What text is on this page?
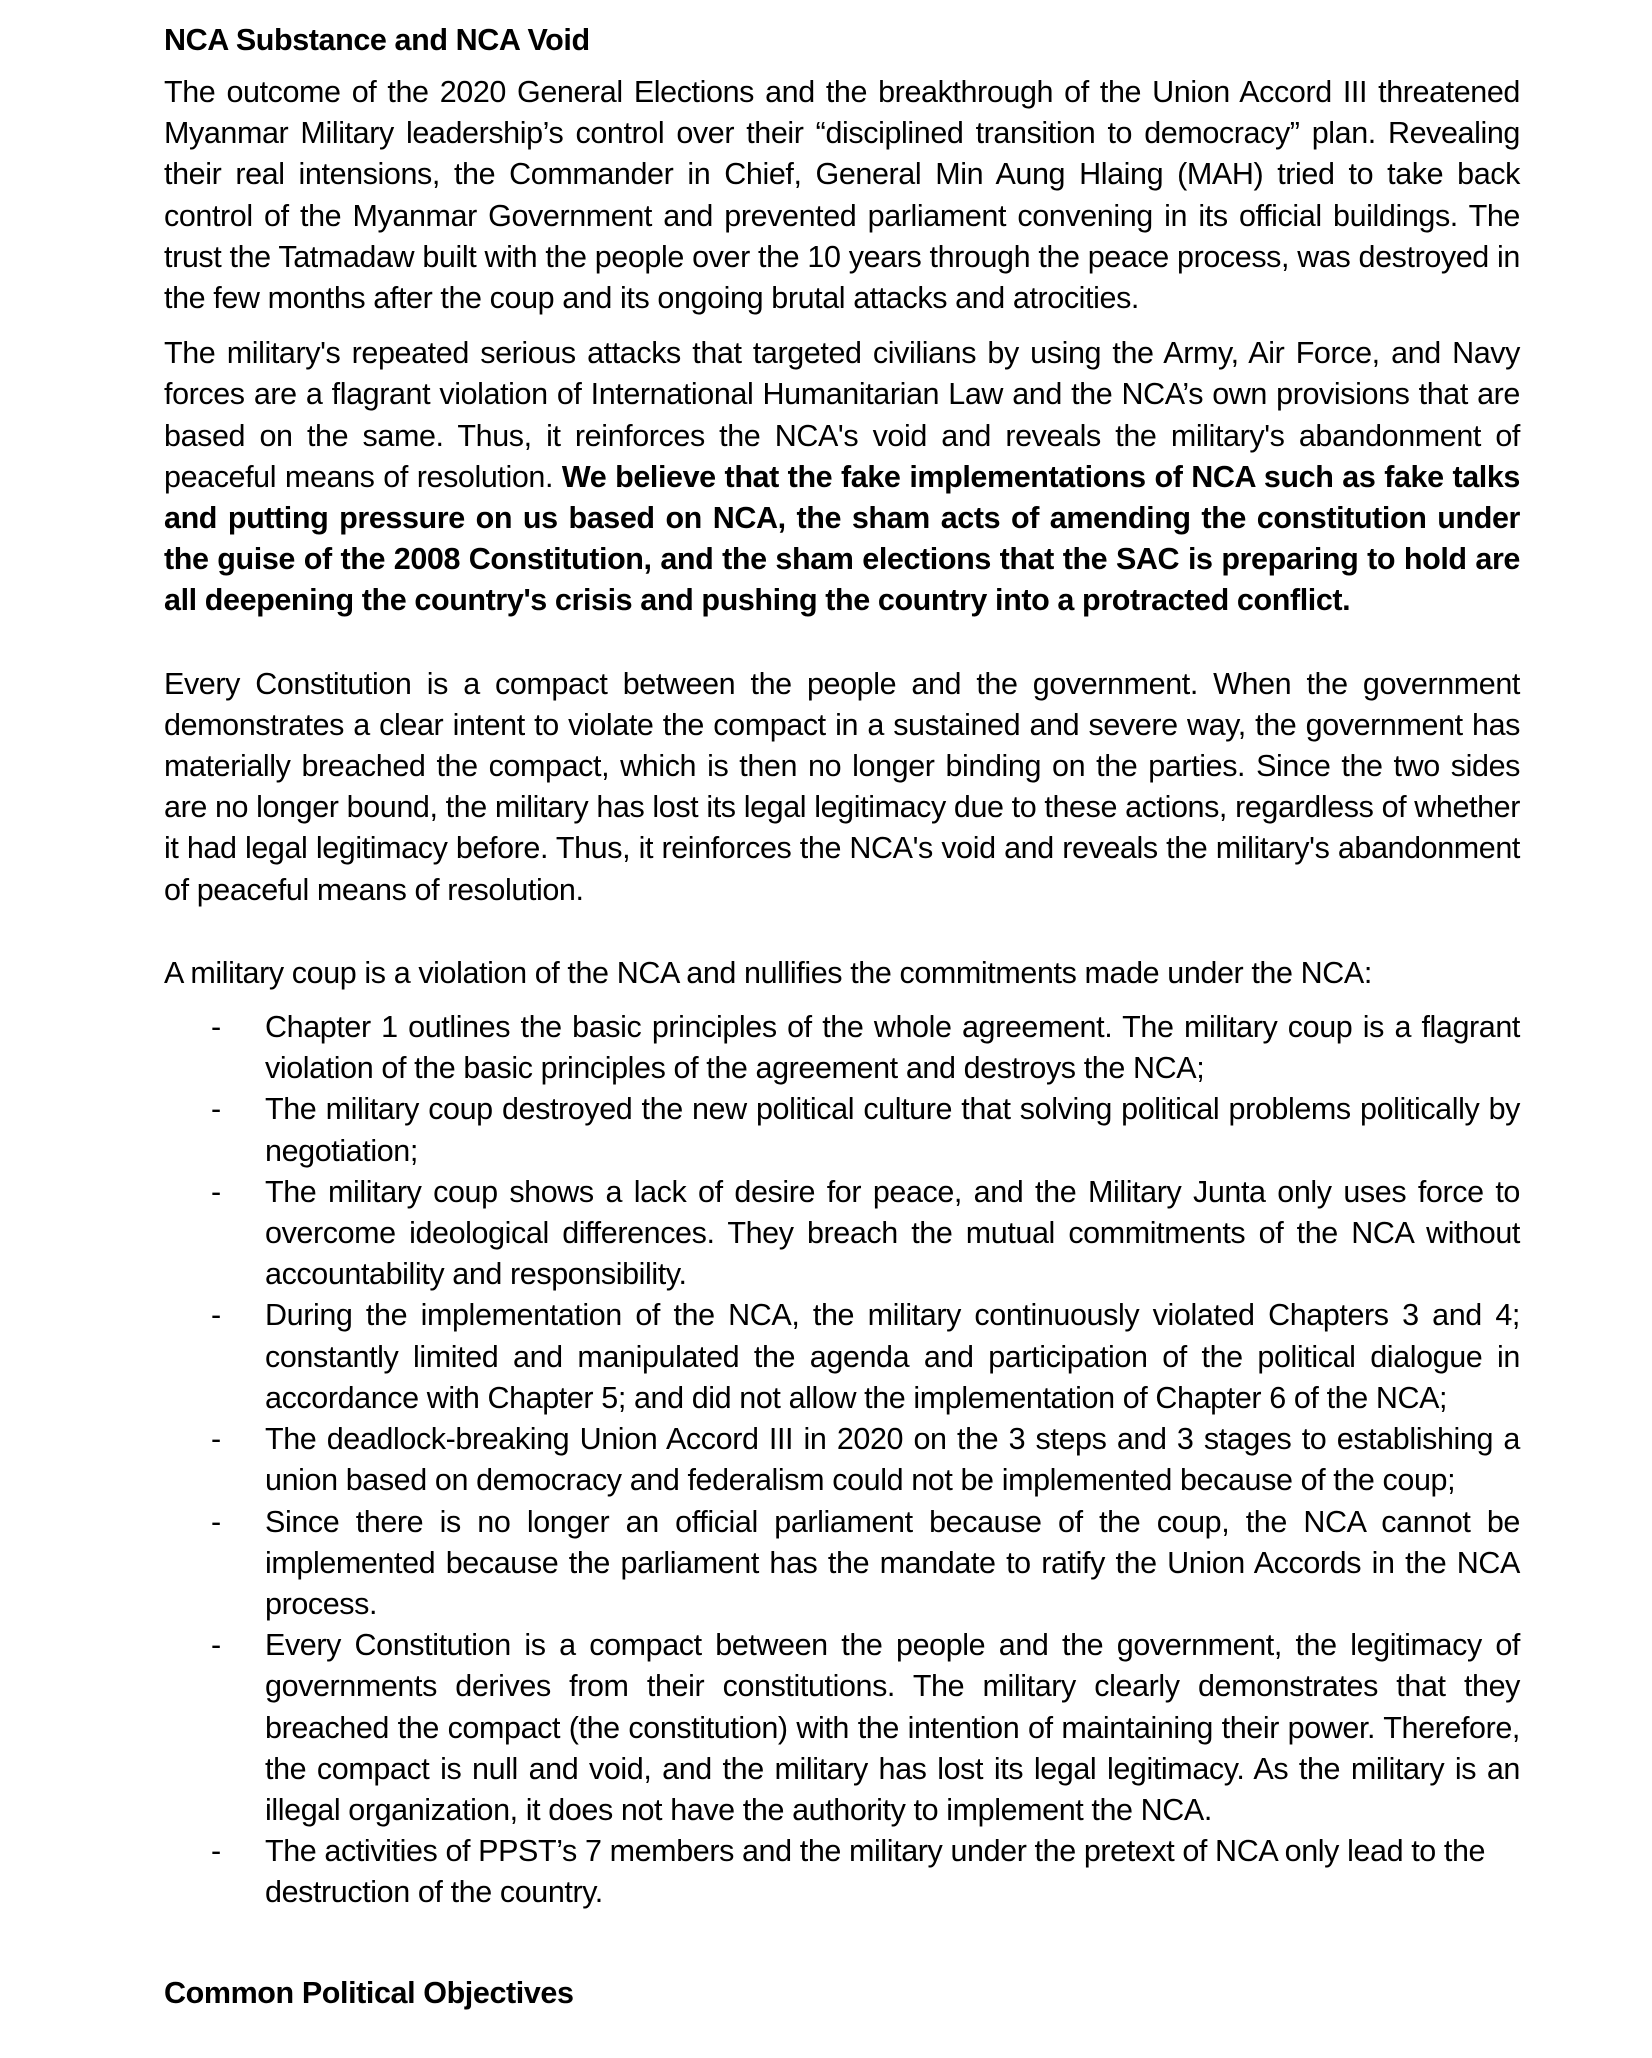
NCA Substance and NCA Void

The outcome of the 2020 General Elections and the breakthrough of the Union Accord III threatened Myanmar Military leadership’s control over their “disciplined transition to democracy” plan. Revealing their real intensions, the Commander in Chief, General Min Aung Hlaing (MAH) tried to take back control of the Myanmar Government and prevented parliament convening in its official buildings. The trust the Tatmadaw built with the people over the 10 years through the peace process, was destroyed in the few months after the coup and its ongoing brutal attacks and atrocities.

The military's repeated serious attacks that targeted civilians by using the Army, Air Force, and Navy forces are a flagrant violation of International Humanitarian Law and the NCA’s own provisions that are based on the same. Thus, it reinforces the NCA's void and reveals the military's abandonment of peaceful means of resolution. We believe that the fake implementations of NCA such as fake talks and putting pressure on us based on NCA, the sham acts of amending the constitution under the guise of the 2008 Constitution, and the sham elections that the SAC is preparing to hold are all deepening the country's crisis and pushing the country into a protracted conflict.

Every Constitution is a compact between the people and the government. When the government demonstrates a clear intent to violate the compact in a sustained and severe way, the government has materially breached the compact, which is then no longer binding on the parties. Since the two sides are no longer bound, the military has lost its legal legitimacy due to these actions, regardless of whether it had legal legitimacy before. Thus, it reinforces the NCA's void and reveals the military's abandonment of peaceful means of resolution.

A military coup is a violation of the NCA and nullifies the commitments made under the NCA:

- Chapter 1 outlines the basic principles of the whole agreement. The military coup is a flagrant violation of the basic principles of the agreement and destroys the NCA;
- The military coup destroyed the new political culture that solving political problems politically by negotiation;
- The military coup shows a lack of desire for peace, and the Military Junta only uses force to overcome ideological differences. They breach the mutual commitments of the NCA without accountability and responsibility.
- During the implementation of the NCA, the military continuously violated Chapters 3 and 4; constantly limited and manipulated the agenda and participation of the political dialogue in accordance with Chapter 5; and did not allow the implementation of Chapter 6 of the NCA;
- The deadlock-breaking Union Accord III in 2020 on the 3 steps and 3 stages to establishing a union based on democracy and federalism could not be implemented because of the coup;
- Since there is no longer an official parliament because of the coup, the NCA cannot be implemented because the parliament has the mandate to ratify the Union Accords in the NCA process.
- Every Constitution is a compact between the people and the government, the legitimacy of governments derives from their constitutions. The military clearly demonstrates that they breached the compact (the constitution) with the intention of maintaining their power. Therefore, the compact is null and void, and the military has lost its legal legitimacy. As the military is an illegal organization, it does not have the authority to implement the NCA.
- The activities of PPST’s 7 members and the military under the pretext of NCA only lead to the destruction of the country.
Common Political Objectives
